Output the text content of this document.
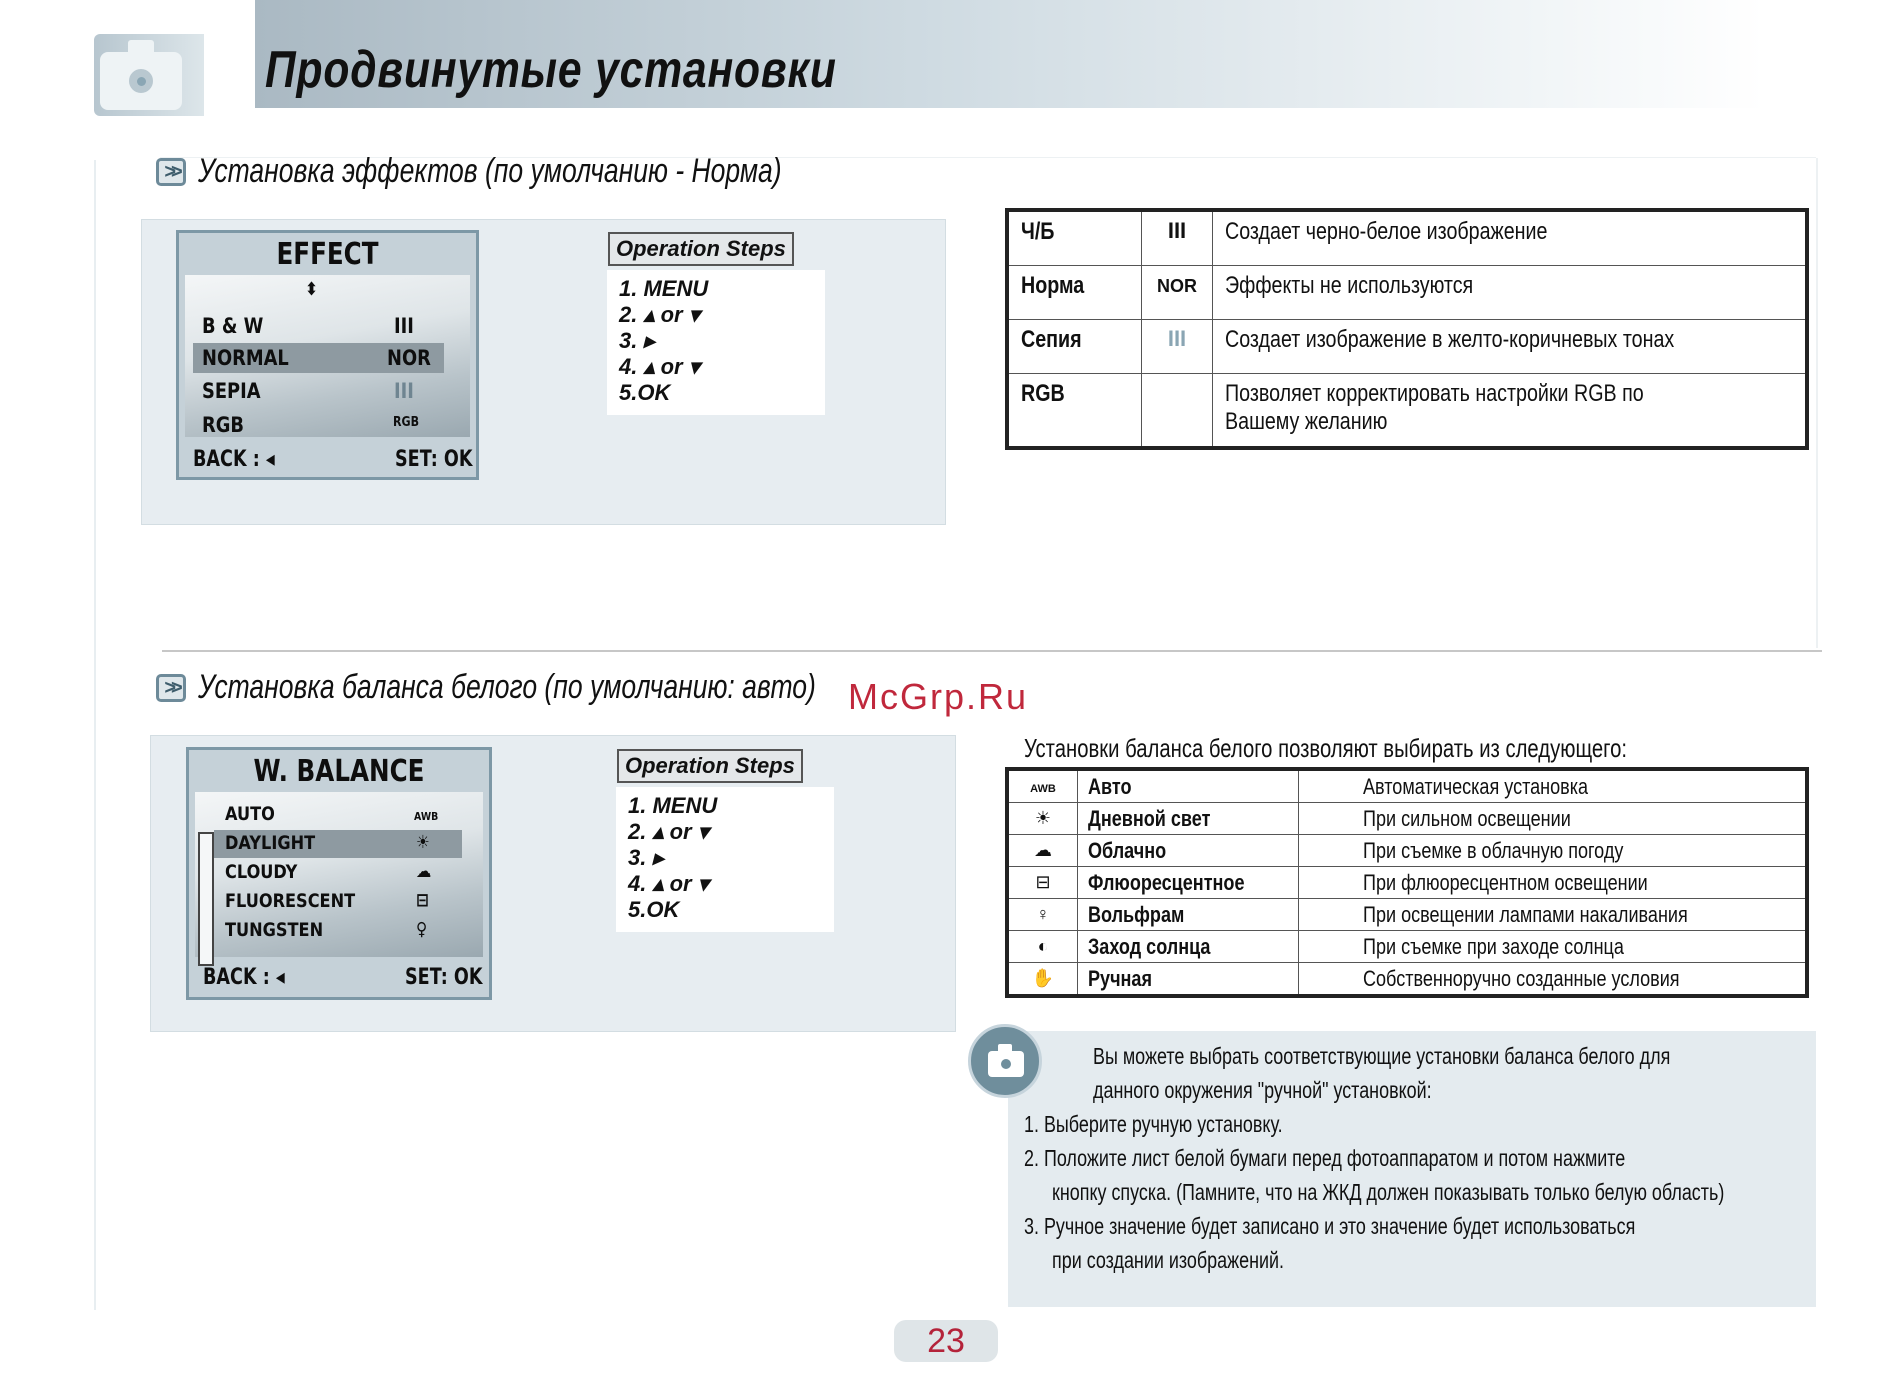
Продвинутые установки
>> Установка эффектов (по умолчанию - Норма)
EFFECT
⬍
B & W	III
NORMAL	NOR
SEPIA	III
RGB	RGB
BACK : ◂	SET: OK
Operation Steps
1. MENU
2. ▴ or ▾
3. ▸
4. ▴ or ▾
5.OK
Ч/Б	III	Создает черно-белое изображение
Норма	NOR	Эффекты не используются
Сепия	III	Создает изображение в желто-коричневых тонах
RGB		Позволяет корректировать настройки RGB по Вашему желанию
>> Установка баланса белого (по умолчанию: авто) McGrp.Ru
W. BALANCE
AUTO	AWB
DAYLIGHT	☀
CLOUDY	☁
FLUORESCENT	⊟
TUNGSTEN	♀
BACK : ◂	SET: OK
Operation Steps
1. MENU
2. ▴ or ▾
3. ▸
4. ▴ or ▾
5.OK
Установки баланса белого позволяют выбирать из следующего:
AWB	Авто	Автоматическая установка
☀	Дневной свет	При сильном освещении
☁	Облачно	При съемке в облачную погоду
⊟	Флюоресцентное	При флюоресцентном освещении
♀	Вольфрам	При освещении лампами накаливания
◐	Заход солнца	При съемке при заходе солнца
✋	Ручная	Собственноручно созданные условия
Вы можете выбрать соответствующие установки баланса белого для
данного окружения "ручной" установкой:
1. Выберите ручную установку.
2. Положите лист белой бумаги перед фотоаппаратом и потом нажмите
кнопку спуска. (Памните, что на ЖКД должен показывать только белую область)
3. Ручное значение будет записано и это значение будет использоваться
при создании изображений.
23
